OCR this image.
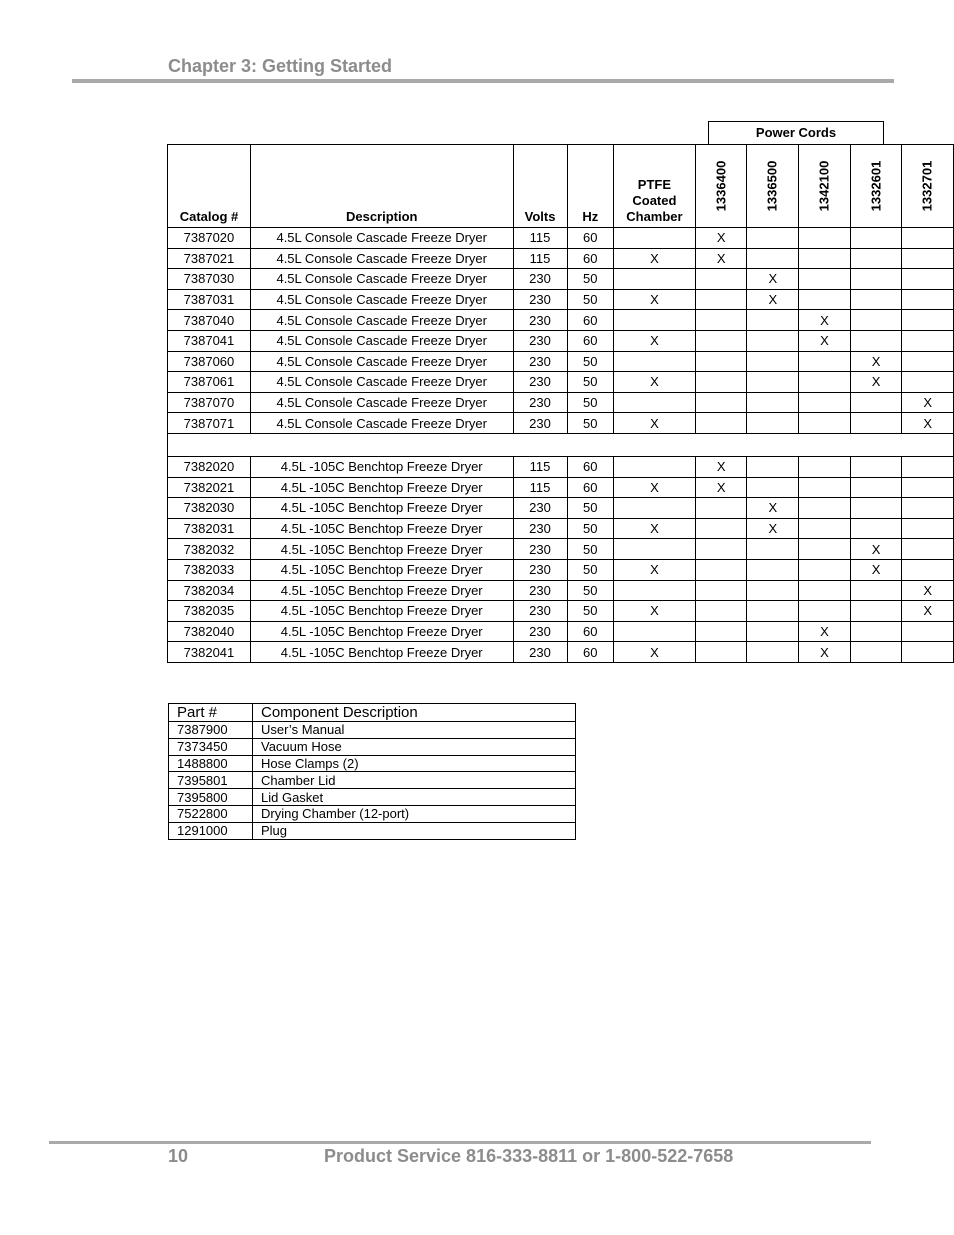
Chapter 3: Getting Started
Power Cords
Catalog #	Description	Volts	Hz	PTFE Coated Chamber	1336400	1336500	1342100	1332601	1332701
7387020	4.5L Console Cascade Freeze Dryer	115	60		X				
7387021	4.5L Console Cascade Freeze Dryer	115	60	X	X				
7387030	4.5L Console Cascade Freeze Dryer	230	50			X			
7387031	4.5L Console Cascade Freeze Dryer	230	50	X		X			
7387040	4.5L Console Cascade Freeze Dryer	230	60				X		
7387041	4.5L Console Cascade Freeze Dryer	230	60	X			X		
7387060	4.5L Console Cascade Freeze Dryer	230	50					X	
7387061	4.5L Console Cascade Freeze Dryer	230	50	X				X	
7387070	4.5L Console Cascade Freeze Dryer	230	50						X
7387071	4.5L Console Cascade Freeze Dryer	230	50	X					X

7382020	4.5L -105C Benchtop Freeze Dryer	115	60		X				
7382021	4.5L -105C Benchtop Freeze Dryer	115	60	X	X				
7382030	4.5L -105C Benchtop Freeze Dryer	230	50			X			
7382031	4.5L -105C Benchtop Freeze Dryer	230	50	X		X			
7382032	4.5L -105C Benchtop Freeze Dryer	230	50					X	
7382033	4.5L -105C Benchtop Freeze Dryer	230	50	X				X	
7382034	4.5L -105C Benchtop Freeze Dryer	230	50						X
7382035	4.5L -105C Benchtop Freeze Dryer	230	50	X					X
7382040	4.5L -105C Benchtop Freeze Dryer	230	60				X		
7382041	4.5L -105C Benchtop Freeze Dryer	230	60	X			X		
Part #	Component Description
7387900	User’s Manual
7373450	Vacuum Hose
1488800	Hose Clamps (2)
7395801	Chamber Lid
7395800	Lid Gasket
7522800	Drying Chamber (12-port)
1291000	Plug
10	Product Service 816-333-8811 or 1-800-522-7658
